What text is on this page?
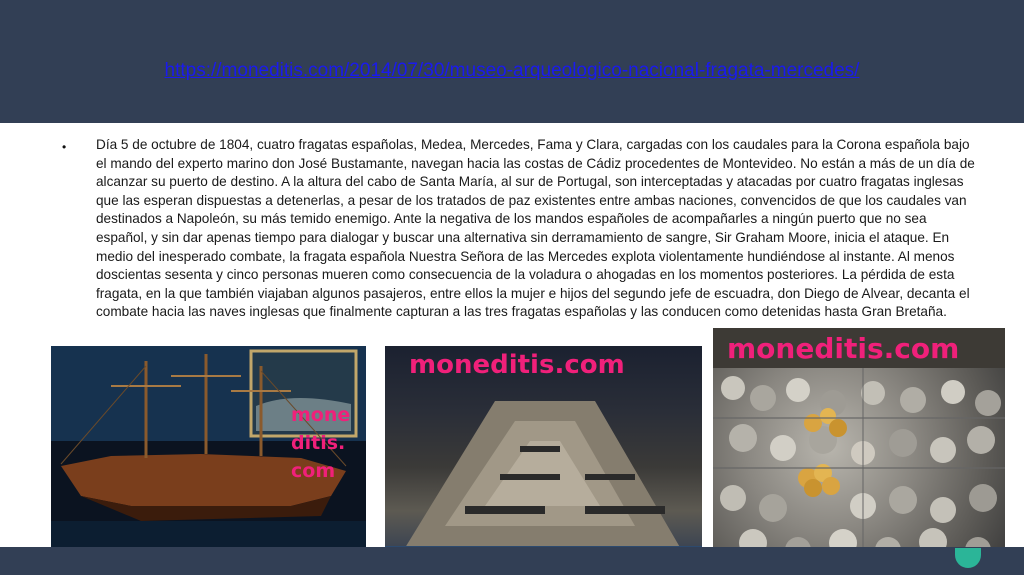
https://moneditis.com/2014/07/30/museo-arqueologico-nacional-fragata-mercedes/
• Día 5 de octubre de 1804, cuatro fragatas españolas, Medea, Mercedes, Fama y Clara, cargadas con los caudales para la Corona española bajo el mando del experto marino don José Bustamante, navegan hacia las costas de Cádiz procedentes de Montevideo. No están a más de un día de alcanzar su puerto de destino. A la altura del cabo de Santa María, al sur de Portugal, son interceptadas y atacadas por cuatro fragatas inglesas que las esperan dispuestas a detenerlas, a pesar de los tratados de paz existentes entre ambas naciones, convencidos de que los caudales van destinados a Napoleón, su más temido enemigo. Ante la negativa de los mandos españoles de acompañarles a ningún puerto que no sea español, y sin dar apenas tiempo para dialogar y buscar una alternativa sin derramamiento de sangre, Sir Graham Moore, inicia el ataque. En medio del inesperado combate, la fragata española Nuestra Señora de las Mercedes explota violentamente hundiéndose al instante. Al menos doscientas sesenta y cinco personas mueren como consecuencia de la voladura o ahogadas en los momentos posteriores. La pérdida de esta fragata, en la que también viajaban algunos pasajeros, entre ellos la mujer e hijos del segundo jefe de escuadra, don Diego de Alvear, decanta el combate hacia las naves inglesas que finalmente capturan a las tres fragatas españolas y las conducen como detenidas hasta Gran Bretaña.
mone
ditis.
com
moneditis.com	moneditis.com
